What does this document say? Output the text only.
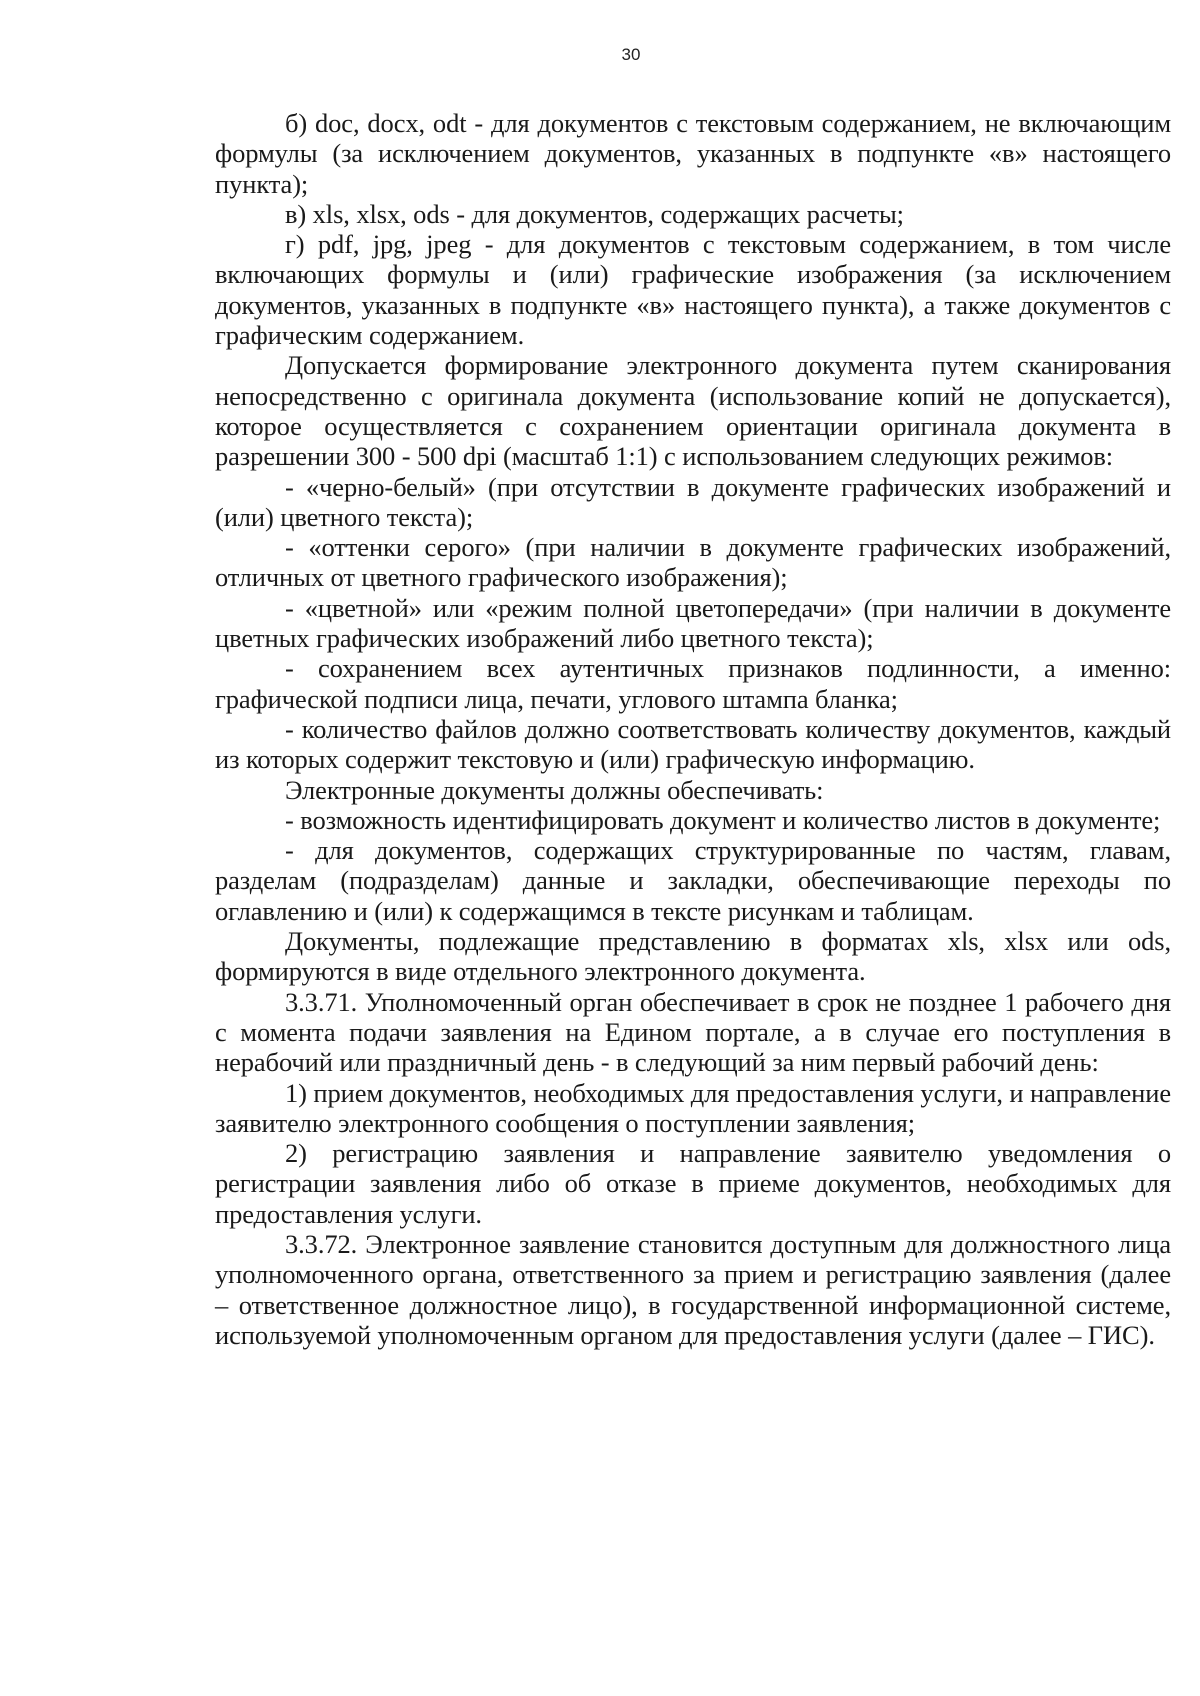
30

б) doc, docx, odt - для документов с текстовым содержанием, не включающим формулы (за исключением документов, указанных в подпункте «в» настоящего пункта);

в) xls, xlsx, ods - для документов, содержащих расчеты;

г) pdf, jpg, jpeg - для документов с текстовым содержанием, в том числе включающих формулы и (или) графические изображения (за исключением документов, указанных в подпункте «в» настоящего пункта), а также документов с графическим содержанием.

Допускается формирование электронного документа путем сканирования непосредственно с оригинала документа (использование копий не допускается), которое осуществляется с сохранением ориентации оригинала документа в разрешении 300 - 500 dpi (масштаб 1:1) с использованием следующих режимов:

- «черно-белый» (при отсутствии в документе графических изображений и (или) цветного текста);

- «оттенки серого» (при наличии в документе графических изображений, отличных от цветного графического изображения);

- «цветной» или «режим полной цветопередачи» (при наличии в документе цветных графических изображений либо цветного текста);

- сохранением всех аутентичных признаков подлинности, а именно: графической подписи лица, печати, углового штампа бланка;

- количество файлов должно соответствовать количеству документов, каждый из которых содержит текстовую и (или) графическую информацию.

Электронные документы должны обеспечивать:

- возможность идентифицировать документ и количество листов в документе;

- для документов, содержащих структурированные по частям, главам, разделам (подразделам) данные и закладки, обеспечивающие переходы по оглавлению и (или) к содержащимся в тексте рисункам и таблицам.

Документы, подлежащие представлению в форматах xls, xlsx или ods, формируются в виде отдельного электронного документа.

3.3.71. Уполномоченный орган обеспечивает в срок не позднее 1 рабочего дня с момента подачи заявления на Едином портале, а в случае его поступления в нерабочий или праздничный день - в следующий за ним первый рабочий день:

1) прием документов, необходимых для предоставления услуги, и направление заявителю электронного сообщения о поступлении заявления;

2) регистрацию заявления и направление заявителю уведомления о регистрации заявления либо об отказе в приеме документов, необходимых для предоставления услуги.

3.3.72. Электронное заявление становится доступным для должностного лица уполномоченного органа, ответственного за прием и регистрацию заявления (далее – ответственное должностное лицо), в государственной информационной системе, используемой уполномоченным органом для предоставления услуги (далее – ГИС).
